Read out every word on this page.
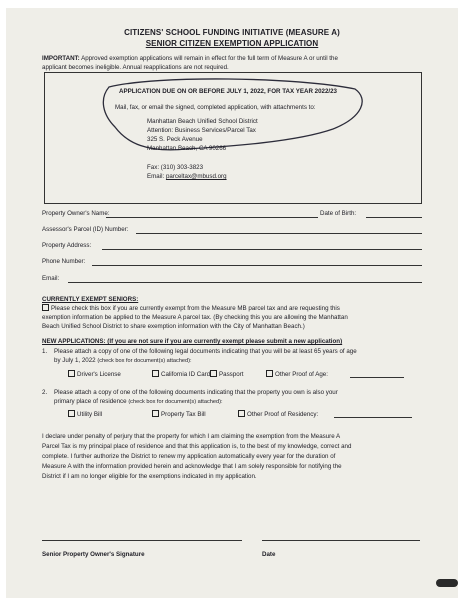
CITIZENS' SCHOOL FUNDING INITIATIVE (MEASURE A)
SENIOR CITIZEN EXEMPTION APPLICATION
IMPORTANT: Approved exemption applications will remain in effect for the full term of Measure A or until the
applicant becomes ineligible. Annual reapplications are not required.
APPLICATION DUE ON OR BEFORE JULY 1, 2022, FOR TAX YEAR 2022/23
Mail, fax, or email the signed, completed application, with attachments to:
Manhattan Beach Unified School District
Attention: Business Services/Parcel Tax
325 S. Peck Avenue
Manhattan Beach, CA 90266
Fax: (310) 303-3823
Email: parceltax@mbusd.org
Property Owner's Name:	Date of Birth:
Assessor's Parcel (ID) Number:
Property Address:
Phone Number:
Email:
CURRENTLY EXEMPT SENIORS:
Please check this box if you are currently exempt from the Measure MB parcel tax and are requesting this
exemption information be applied to the Measure A parcel tax. (By checking this you are allowing the Manhattan
Beach Unified School District to share exemption information with the City of Manhattan Beach.)
NEW APPLICATIONS: (If you are not sure if you are currently exempt please submit a new application)
1. Please attach a copy of one of the following legal documents indicating that you will be at least 65 years of age
by July 1, 2022 (check box for document(s) attached):
Driver's License	California ID Card	Passport	Other Proof of Age:
2. Please attach a copy of one of the following documents indicating that the property you own is also your
primary place of residence (check box for document(s) attached):
Utility Bill	Property Tax Bill	Other Proof of Residency:
I declare under penalty of perjury that the property for which I am claiming the exemption from the Measure A
Parcel Tax is my principal place of residence and that this application is, to the best of my knowledge, correct and
complete. I further authorize the District to renew my application automatically every year for the duration of
Measure A with the information provided herein and acknowledge that I am solely responsible for notifying the
District if I am no longer eligible for the exemptions indicated in my application.
Senior Property Owner's Signature	Date
